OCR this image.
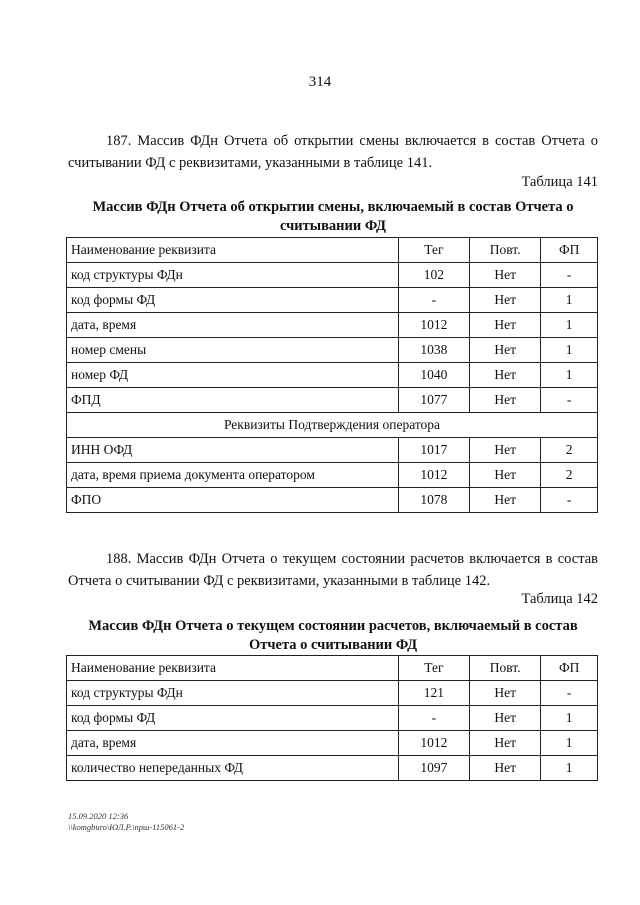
314
187. Массив ФДн Отчета об открытии смены включается в состав Отчета о считывании ФД с реквизитами, указанными в таблице 141.
Таблица 141
Массив ФДн Отчета об открытии смены, включаемый в состав Отчета о считывании ФД
Наименование реквизита	Тег	Повт.	ФП
код структуры ФДн	102	Нет	-
код формы ФД	-	Нет	1
дата, время	1012	Нет	1
номер смены	1038	Нет	1
номер ФД	1040	Нет	1
ФПД	1077	Нет	-
Реквизиты Подтверждения оператора			
ИНН ОФД	1017	Нет	2
дата, время приема документа оператором	1012	Нет	2
ФПО	1078	Нет	-
188. Массив ФДн Отчета о текущем состоянии расчетов включается в состав Отчета о считывании ФД с реквизитами, указанными в таблице 142.
Таблица 142
Массив ФДн Отчета о текущем состоянии расчетов, включаемый в состав Отчета о считывании ФД
Наименование реквизита	Тег	Повт.	ФП
код структуры ФДн	121	Нет	-
код формы ФД	-	Нет	1
дата, время	1012	Нет	1
количество непереданных ФД	1097	Нет	1
15.09.2020 12:36
\\komgburo\ЮЛ.Р.\прш-115061-2
